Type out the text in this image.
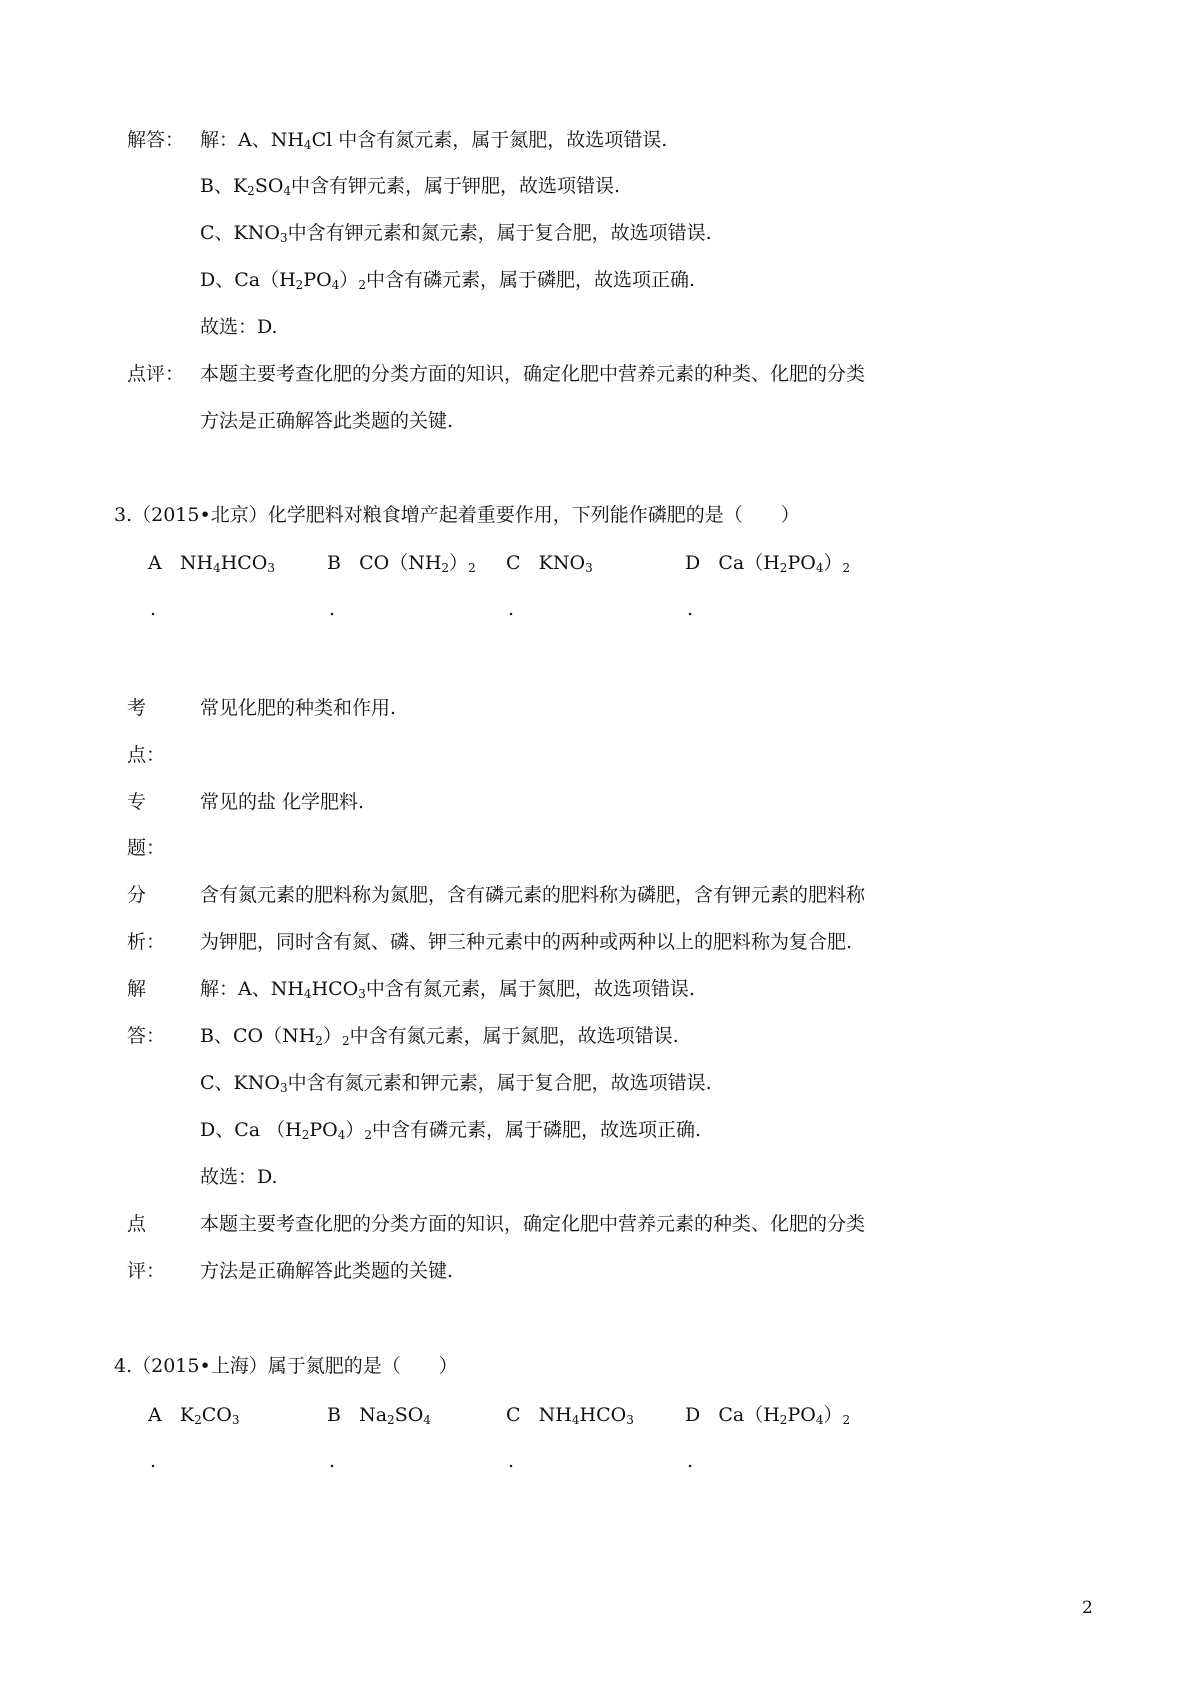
解答： 解：A、$NH_4Cl$ 中含有氮元素，属于氮肥，故选项错误.
B、$K_2SO_4$中含有钾元素，属于钾肥，故选项错误.
C、$KNO_3$中含有钾元素和氮元素，属于复合肥，故选项错误.
D、$Ca(H_2PO_4)_2$中含有磷元素，属于磷肥，故选项正确.
故选：D.
点评： 本题主要考查化肥的分类方面的知识，确定化肥中营养元素的种类、化肥的分类
方法是正确解答此类题的关键.
3.（2015•北京）化学肥料对粮食增产起着重要作用，下列能作磷肥的是（　　）
A $NH_4HCO_3$	B $CO(NH_2)_2$ C $KNO_3$	D $Ca(H_2PO_4)_2$
.	.	.	.
考	常见化肥的种类和作用.
点：
专	常见的盐 化学肥料.
题：
分	含有氮元素的肥料称为氮肥，含有磷元素的肥料称为磷肥，含有钾元素的肥料称
析： 为钾肥，同时含有氮、磷、钾三种元素中的两种或两种以上的肥料称为复合肥.
解	解：A、$NH_4HCO_3$中含有氮元素，属于氮肥，故选项错误.
答： B、$CO(NH_2)_2$中含有氮元素，属于氮肥，故选项错误.
C、$KNO_3$中含有氮元素和钾元素，属于复合肥，故选项错误.
D、Ca $(H_2PO_4)_2$中含有磷元素，属于磷肥，故选项正确.
故选：D.
点	本题主要考查化肥的分类方面的知识，确定化肥中营养元素的种类、化肥的分类
评： 方法是正确解答此类题的关键.
4.（2015•上海）属于氮肥的是（　　）
A $K_2CO_3$	B $Na_2SO_4$	C $NH_4HCO_3$	D $Ca(H_2PO_4)_2$
.	.	.	.
2
